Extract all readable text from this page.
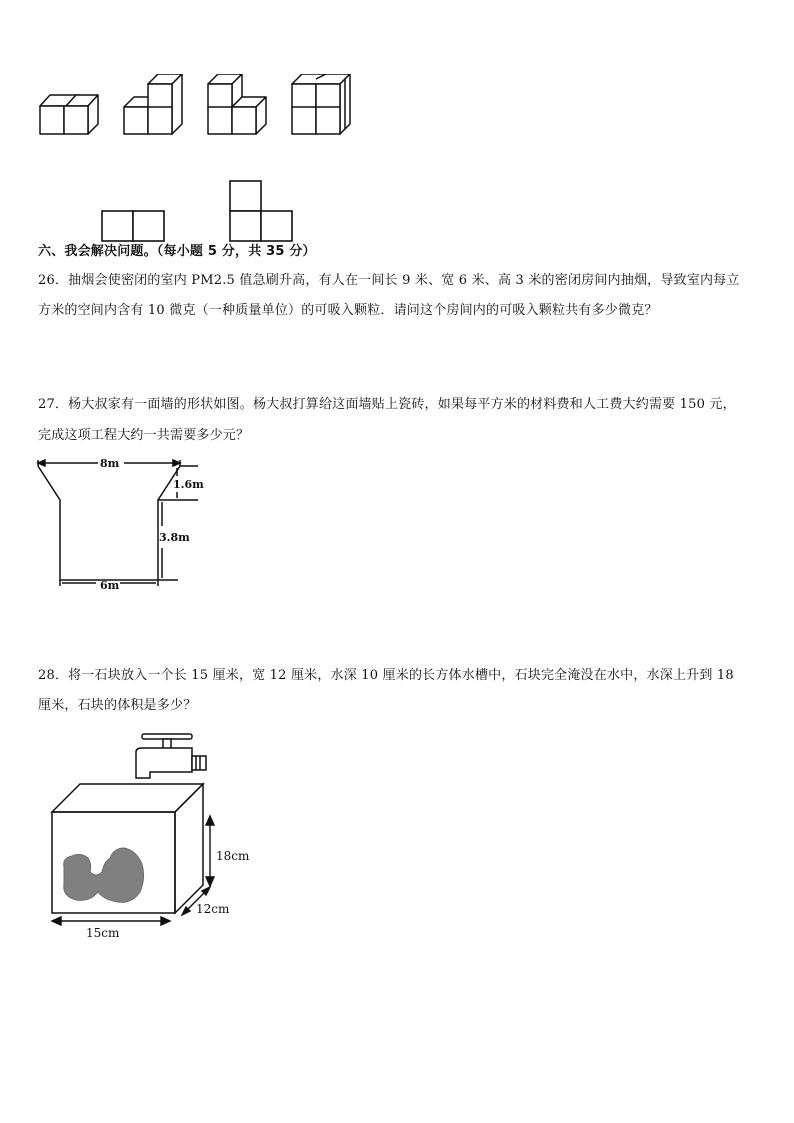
六、我会解决问题。（每小题 5 分，共 35 分）
26．抽烟会使密闭的室内 PM2.5 值急刷升高，有人在一间长 9 米、宽 6 米、高 3 米的密闭房间内抽烟，导致室内每立
方米的空间内含有 10 微克（一种质量单位）的可吸入颗粒．请问这个房间内的可吸入颗粒共有多少微克？
27．杨大叔家有一面墙的形状如图。杨大叔打算给这面墙贴上瓷砖，如果每平方米的材料费和人工费大约需要 150 元，
完成这项工程大约一共需要多少元？
8m
1.6m
3.8m
6m
28．将一石块放入一个长 15 厘米，宽 12 厘米，水深 10 厘米的长方体水槽中，石块完全淹没在水中，水深上升到 18
厘米，石块的体积是多少？
18cm
12cm
15cm
